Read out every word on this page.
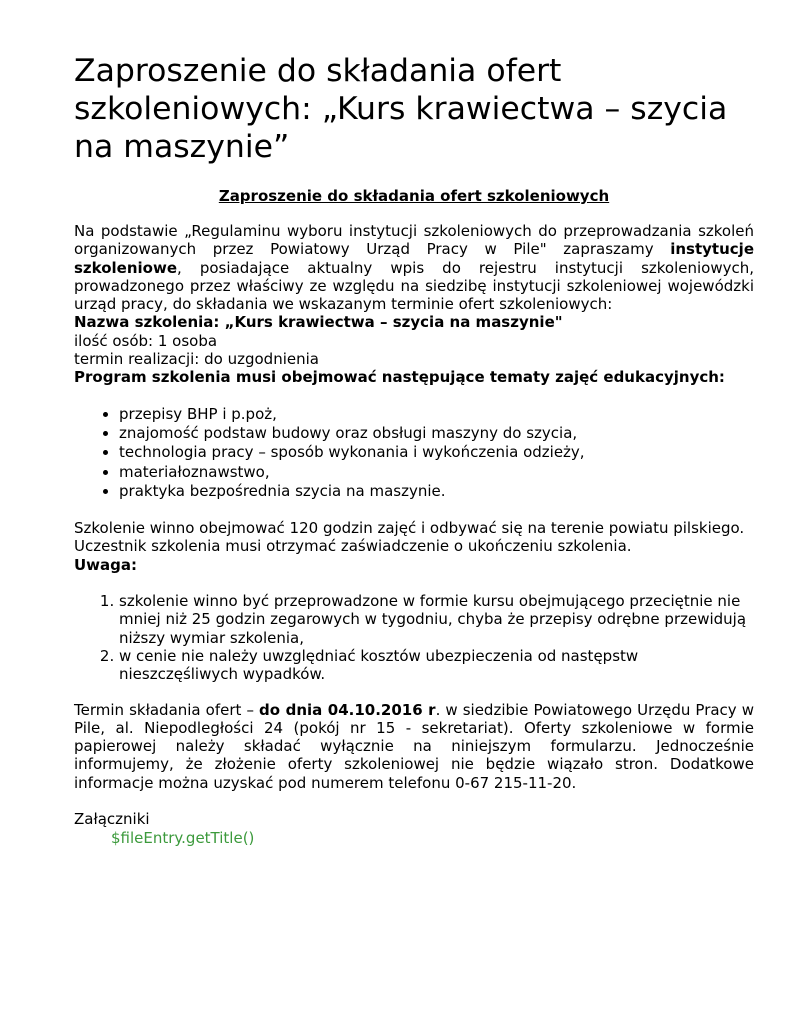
Zaproszenie do składania ofert szkoleniowych: „Kurs krawiectwa – szycia na maszynie”
Zaproszenie do składania ofert szkoleniowych
Na podstawie „Regulaminu wyboru instytucji szkoleniowych do przeprowadzania szkoleń organizowanych przez Powiatowy Urząd Pracy w Pile" zapraszamy instytucje szkoleniowe, posiadające aktualny wpis do rejestru instytucji szkoleniowych, prowadzonego przez właściwy ze względu na siedzibę instytucji szkoleniowej wojewódzki urząd pracy, do składania we wskazanym terminie ofert szkoleniowych:
Nazwa szkolenia: „Kurs krawiectwa – szycia na maszynie"
ilość osób: 1 osoba
termin realizacji: do uzgodnienia
Program szkolenia musi obejmować następujące tematy zajęć edukacyjnych:
• przepisy BHP i p.poż,
• znajomość podstaw budowy oraz obsługi maszyny do szycia,
• technologia pracy – sposób wykonania i wykończenia odzieży,
• materiałoznawstwo,
• praktyka bezpośrednia szycia na maszynie.
Szkolenie winno obejmować 120 godzin zajęć i odbywać się na terenie powiatu pilskiego.
Uczestnik szkolenia musi otrzymać zaświadczenie o ukończeniu szkolenia.
Uwaga:
1. szkolenie winno być przeprowadzone w formie kursu obejmującego przeciętnie nie mniej niż 25 godzin zegarowych w tygodniu, chyba że przepisy odrębne przewidują niższy wymiar szkolenia,
2. w cenie nie należy uwzględniać kosztów ubezpieczenia od następstw nieszczęśliwych wypadków.
Termin składania ofert – do dnia 04.10.2016 r. w siedzibie Powiatowego Urzędu Pracy w Pile, al. Niepodległości 24 (pokój nr 15 - sekretariat). Oferty szkoleniowe w formie papierowej należy składać wyłącznie na niniejszym formularzu. Jednocześnie informujemy, że złożenie oferty szkoleniowej nie będzie wiązało stron. Dodatkowe informacje można uzyskać pod numerem telefonu 0-67 215-11-20.
Załączniki
$fileEntry.getTitle()
